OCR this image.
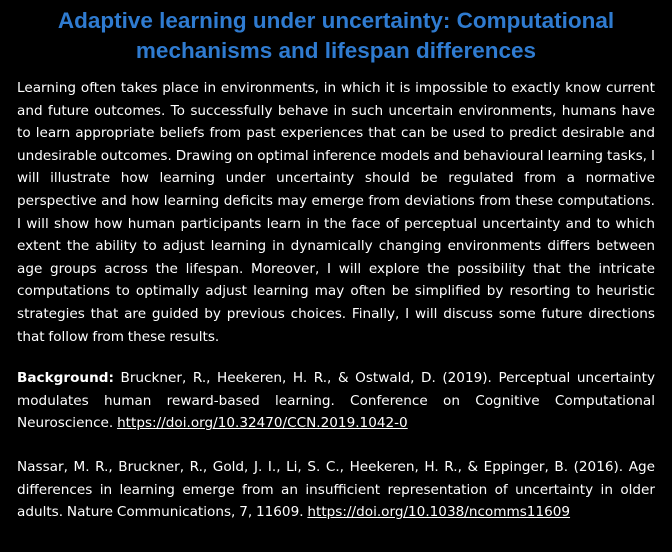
Adaptive learning under uncertainty: Computational
mechanisms and lifespan differences

Learning often takes place in environments, in which it is impossible to exactly know current and future outcomes. To successfully behave in such uncertain environments, humans have to learn appropriate beliefs from past experiences that can be used to predict desirable and undesirable outcomes. Drawing on optimal inference models and behavioural learning tasks, I will illustrate how learning under uncertainty should be regulated from a normative perspective and how learning deficits may emerge from deviations from these computations. I will show how human participants learn in the face of perceptual uncertainty and to which extent the ability to adjust learning in dynamically changing environments differs between age groups across the lifespan. Moreover, I will explore the possibility that the intricate computations to optimally adjust learning may often be simplified by resorting to heuristic strategies that are guided by previous choices. Finally, I will discuss some future directions that follow from these results.

Background: Bruckner, R., Heekeren, H. R., & Ostwald, D. (2019). Perceptual uncertainty modulates human reward-based learning. Conference on Cognitive Computational Neuroscience. https://doi.org/10.32470/CCN.2019.1042-0

Nassar, M. R., Bruckner, R., Gold, J. I., Li, S. C., Heekeren, H. R., & Eppinger, B. (2016). Age differences in learning emerge from an insufficient representation of uncertainty in older adults. Nature Communications, 7, 11609. https://doi.org/10.1038/ncomms11609
